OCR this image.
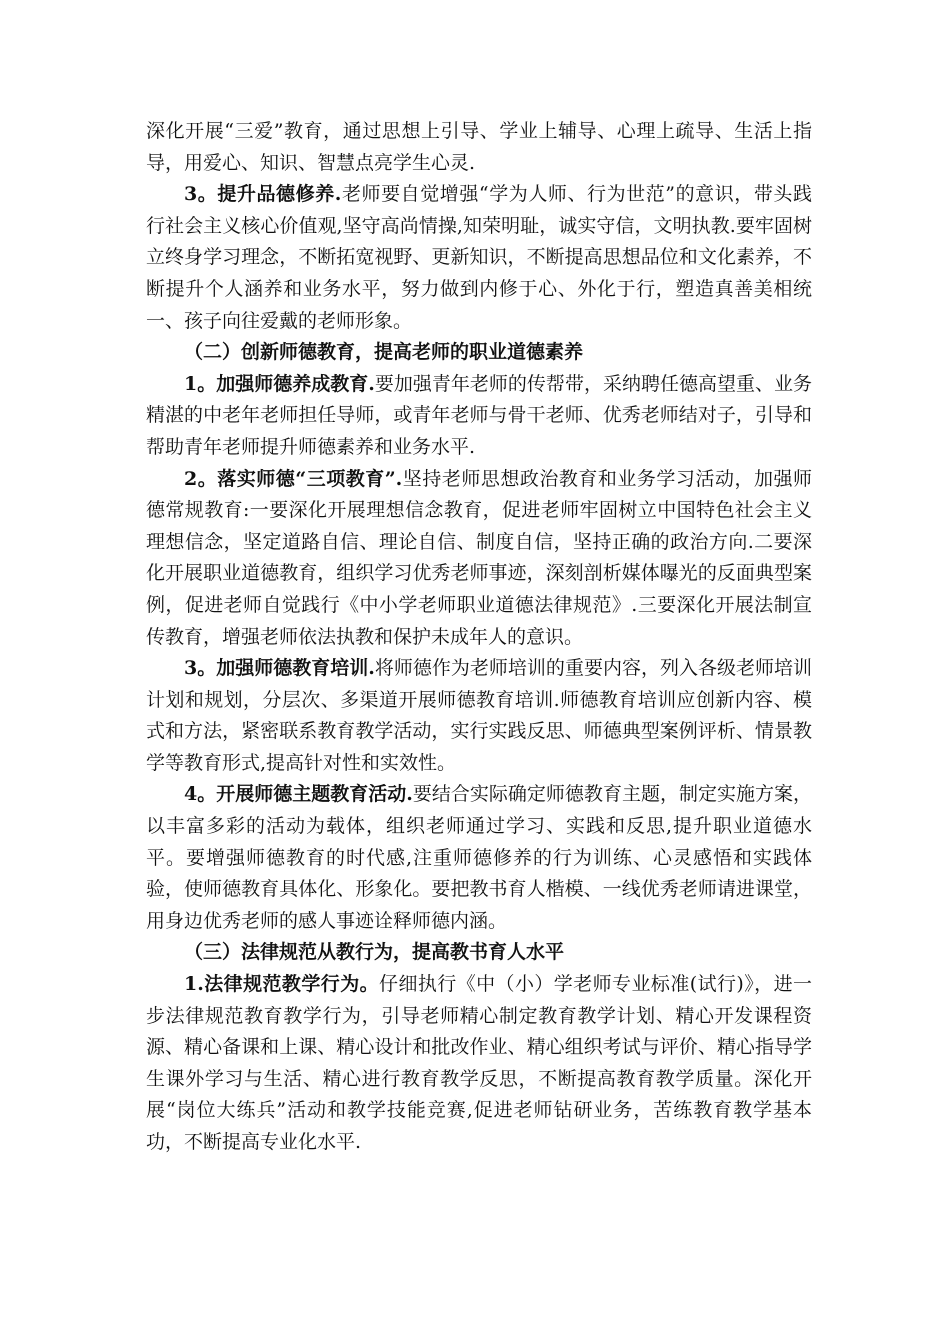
深化开展“三爱”教育，通过思想上引导、学业上辅导、心理上疏导、生活上指导，用爱心、知识、智慧点亮学生心灵.

3。提升品德修养.老师要自觉增强“学为人师、行为世范”的意识，带头践行社会主义核心价值观,坚守高尚情操,知荣明耻，诚实守信，文明执教.要牢固树立终身学习理念，不断拓宽视野、更新知识，不断提高思想品位和文化素养，不断提升个人涵养和业务水平，努力做到内修于心、外化于行，塑造真善美相统一、孩子向往爱戴的老师形象。

（二）创新师德教育，提高老师的职业道德素养

1。加强师德养成教育.要加强青年老师的传帮带，采纳聘任德高望重、业务精湛的中老年老师担任导师，或青年老师与骨干老师、优秀老师结对子，引导和帮助青年老师提升师德素养和业务水平.

2。落实师德“三项教育”.坚持老师思想政治教育和业务学习活动，加强师德常规教育:一要深化开展理想信念教育，促进老师牢固树立中国特色社会主义理想信念，坚定道路自信、理论自信、制度自信，坚持正确的政治方向.二要深化开展职业道德教育，组织学习优秀老师事迹，深刻剖析媒体曝光的反面典型案例，促进老师自觉践行《中小学老师职业道德法律规范》.三要深化开展法制宣传教育，增强老师依法执教和保护未成年人的意识。

3。加强师德教育培训.将师德作为老师培训的重要内容，列入各级老师培训计划和规划，分层次、多渠道开展师德教育培训.师德教育培训应创新内容、模式和方法，紧密联系教育教学活动，实行实践反思、师德典型案例评析、情景教学等教育形式,提高针对性和实效性。

4。开展师德主题教育活动.要结合实际确定师德教育主题，制定实施方案，以丰富多彩的活动为载体，组织老师通过学习、实践和反思,提升职业道德水平。要增强师德教育的时代感,注重师德修养的行为训练、心灵感悟和实践体验，使师德教育具体化、形象化。要把教书育人楷模、一线优秀老师请进课堂，用身边优秀老师的感人事迹诠释师德内涵。

（三）法律规范从教行为，提高教书育人水平

1.法律规范教学行为。仔细执行《中（小）学老师专业标准(试行)》，进一步法律规范教育教学行为，引导老师精心制定教育教学计划、精心开发课程资源、精心备课和上课、精心设计和批改作业、精心组织考试与评价、精心指导学生课外学习与生活、精心进行教育教学反思，不断提高教育教学质量。深化开展“岗位大练兵”活动和教学技能竞赛,促进老师钻研业务，苦练教育教学基本功，不断提高专业化水平.
